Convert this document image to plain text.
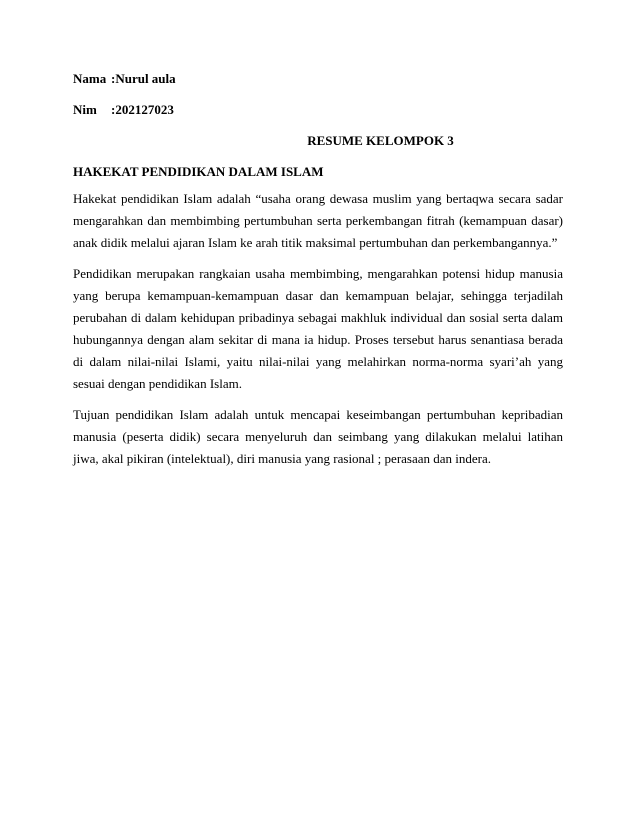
Nama :Nurul aula
Nim :202127023
RESUME KELOMPOK 3
HAKEKAT PENDIDIKAN DALAM ISLAM

Hakekat pendidikan Islam adalah “usaha orang dewasa muslim yang bertaqwa secara sadar mengarahkan dan membimbing pertumbuhan serta perkembangan fitrah (kemampuan dasar) anak didik melalui ajaran Islam ke arah titik maksimal pertumbuhan dan perkembangannya.”

Pendidikan merupakan rangkaian usaha membimbing, mengarahkan potensi hidup manusia yang berupa kemampuan-kemampuan dasar dan kemampuan belajar, sehingga terjadilah perubahan di dalam kehidupan pribadinya sebagai makhluk individual dan sosial serta dalam hubungannya dengan alam sekitar di mana ia hidup. Proses tersebut harus senantiasa berada di dalam nilai-nilai Islami, yaitu nilai-nilai yang melahirkan norma-norma syari’ah yang sesuai dengan pendidikan Islam.

Tujuan pendidikan Islam adalah untuk mencapai keseimbangan pertumbuhan kepribadian manusia (peserta didik) secara menyeluruh dan seimbang yang dilakukan melalui latihan jiwa, akal pikiran (intelektual), diri manusia yang rasional ; perasaan dan indera.
